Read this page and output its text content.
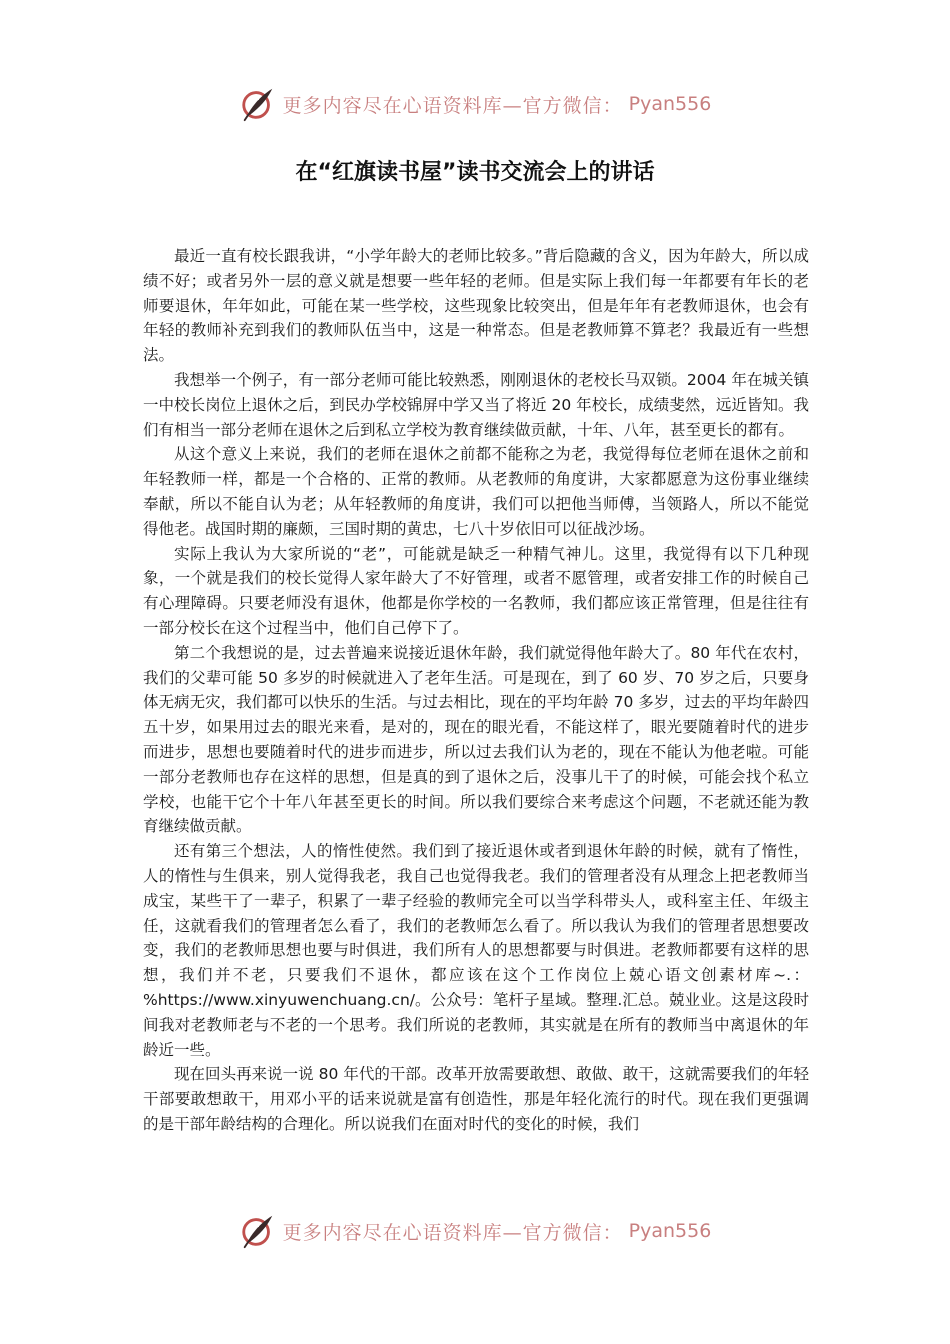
更多内容尽在心语资料库—官方微信： Pyan556
在“红旗读书屋”读书交流会上的讲话

最近一直有校长跟我讲，“小学年龄大的老师比较多。”背后隐藏的含义，因为年龄大，所以成绩不好；或者另外一层的意义就是想要一些年轻的老师。但是实际上我们每一年都要有年长的老师要退休，年年如此，可能在某一些学校，这些现象比较突出，但是年年有老教师退休，也会有年轻的教师补充到我们的教师队伍当中，这是一种常态。但是老教师算不算老？我最近有一些想法。

我想举一个例子，有一部分老师可能比较熟悉，刚刚退休的老校长马双锁。2004 年在城关镇一中校长岗位上退休之后，到民办学校锦屏中学又当了将近 20 年校长，成绩斐然，远近皆知。我们有相当一部分老师在退休之后到私立学校为教育继续做贡献，十年、八年，甚至更长的都有。

从这个意义上来说，我们的老师在退休之前都不能称之为老，我觉得每位老师在退休之前和年轻教师一样，都是一个合格的、正常的教师。从老教师的角度讲，大家都愿意为这份事业继续奉献，所以不能自认为老；从年轻教师的角度讲，我们可以把他当师傅，当领路人，所以不能觉得他老。战国时期的廉颇，三国时期的黄忠，七八十岁依旧可以征战沙场。

实际上我认为大家所说的“老”，可能就是缺乏一种精气神儿。这里，我觉得有以下几种现象，一个就是我们的校长觉得人家年龄大了不好管理，或者不愿管理，或者安排工作的时候自己有心理障碍。只要老师没有退休，他都是你学校的一名教师，我们都应该正常管理，但是往往有一部分校长在这个过程当中，他们自己停下了。

第二个我想说的是，过去普遍来说接近退休年龄，我们就觉得他年龄大了。80 年代在农村，我们的父辈可能 50 多岁的时候就进入了老年生活。可是现在，到了 60 岁、70 岁之后，只要身体无病无灾，我们都可以快乐的生活。与过去相比，现在的平均年龄 70 多岁，过去的平均年龄四五十岁，如果用过去的眼光来看，是对的，现在的眼光看，不能这样了，眼光要随着时代的进步而进步，思想也要随着时代的进步而进步，所以过去我们认为老的，现在不能认为他老啦。可能一部分老教师也存在这样的思想，但是真的到了退休之后，没事儿干了的时候，可能会找个私立学校，也能干它个十年八年甚至更长的时间。所以我们要综合来考虑这个问题，不老就还能为教育继续做贡献。

还有第三个想法，人的惰性使然。我们到了接近退休或者到退休年龄的时候，就有了惰性，人的惰性与生俱来，别人觉得我老，我自己也觉得我老。我们的管理者没有从理念上把老教师当成宝，某些干了一辈子，积累了一辈子经验的教师完全可以当学科带头人，或科室主任、年级主任，这就看我们的管理者怎么看了，我们的老教师怎么看了。所以我认为我们的管理者思想要改变，我们的老教师思想也要与时俱进，我们所有人的思想都要与时俱进。老教师都要有这样的思想，我们并不老，只要我们不退休，都应该在这个工作岗位上兢心语文创素材库~.：%https://www.xinyuwenchuang.cn/。公众号：笔杆子星域。整理.汇总。兢业业。这是这段时间我对老教师老与不老的一个思考。我们所说的老教师，其实就是在所有的教师当中离退休的年龄近一些。

现在回头再来说一说 80 年代的干部。改革开放需要敢想、敢做、敢干，这就需要我们的年轻干部要敢想敢干，用邓小平的话来说就是富有创造性，那是年轻化流行的时代。现在我们更强调的是干部年龄结构的合理化。所以说我们在面对时代的变化的时候，我们

更多内容尽在心语资料库—官方微信： Pyan556
